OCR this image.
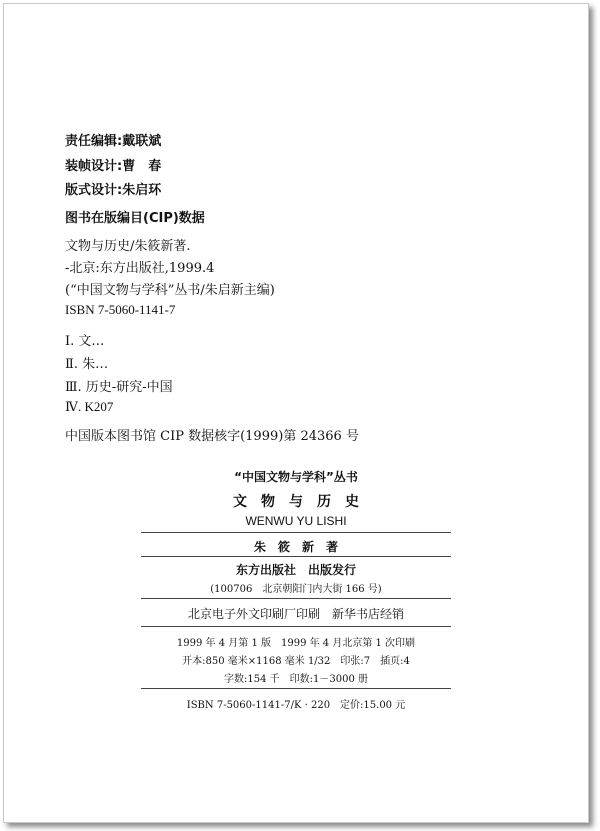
责任编辑:戴联斌
装帧设计:曹　春
版式设计:朱启环
图书在版编目(CIP)数据
文物与历史/朱筱新著.
-北京:东方出版社,1999.4
(“中国文物与学科”丛书/朱启新主编)
ISBN 7-5060-1141-7
Ⅰ. 文…
Ⅱ. 朱…
Ⅲ. 历史-研究-中国
Ⅳ. K207
中国版本图书馆 CIP 数据核字(1999)第 24366 号
“中国文物与学科”丛书
文　物　与　历　史
WENWU YU LISHI
朱　筱　新　著
东方出版社　出版发行
(100706　北京朝阳门内大街 166 号)
北京电子外文印刷厂印刷　新华书店经销
1999 年 4 月第 1 版　1999 年 4 月北京第 1 次印刷
开本:850 毫米×1168 毫米 1/32　印张:7　插页:4
字数:154 千　印数:1－3000 册
ISBN 7-5060-1141-7/K · 220　定价:15.00 元
